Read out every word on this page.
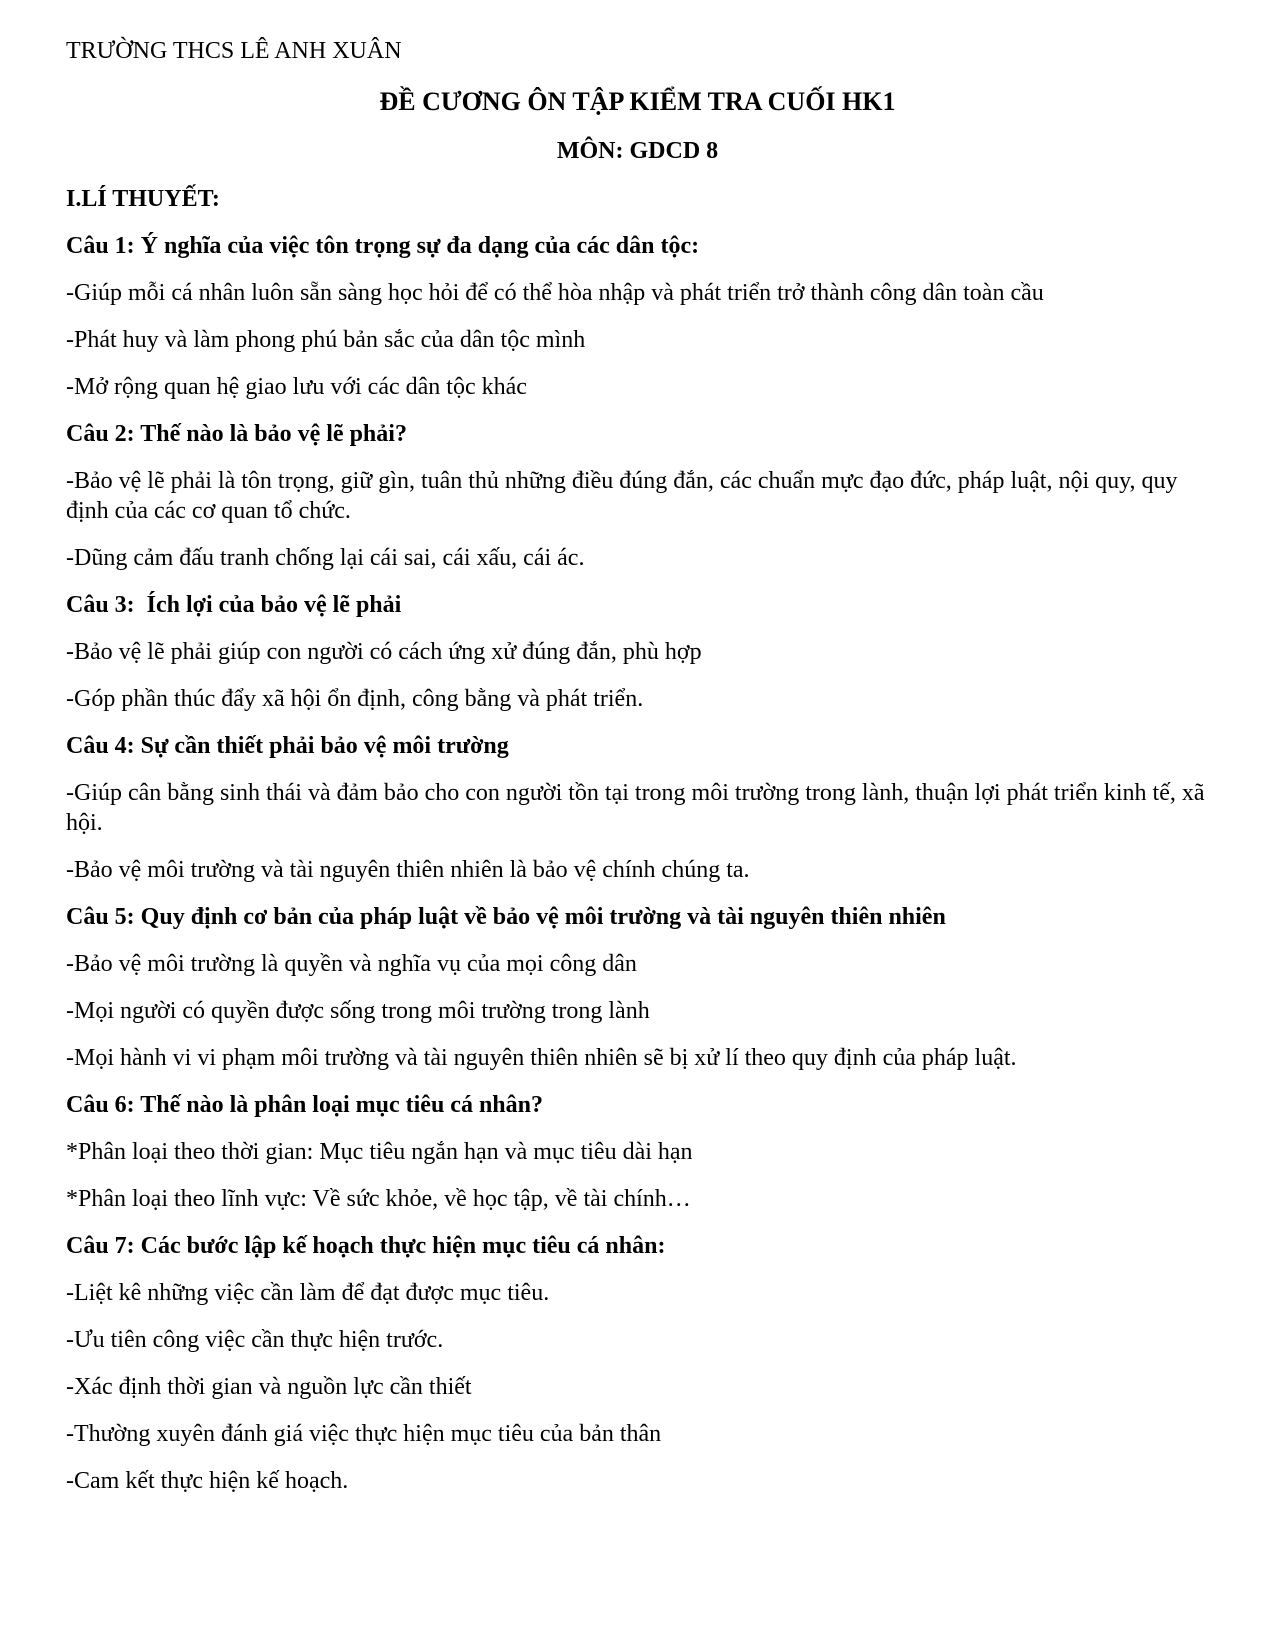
TRƯỜNG THCS LÊ ANH XUÂN
ĐỀ CƯƠNG ÔN TẬP KIỂM TRA CUỐI HK1
MÔN: GDCD 8
I.LÍ THUYẾT:
Câu 1: Ý nghĩa của việc tôn trọng sự đa dạng của các dân tộc:
-Giúp mỗi cá nhân luôn sẵn sàng học hỏi để có thể hòa nhập và phát triển trở thành công dân toàn cầu
-Phát huy và làm phong phú bản sắc của dân tộc mình
-Mở rộng quan hệ giao lưu với các dân tộc khác
Câu 2: Thế nào là bảo vệ lẽ phải?
-Bảo vệ lẽ phải là tôn trọng, giữ gìn, tuân thủ những điều đúng đắn, các chuẩn mực đạo đức, pháp luật, nội quy, quy định của các cơ quan tổ chức.
-Dũng cảm đấu tranh chống lại cái sai, cái xấu, cái ác.
Câu 3:  Ích lợi của bảo vệ lẽ phải
-Bảo vệ lẽ phải giúp con người có cách ứng xử đúng đắn, phù hợp
-Góp phần thúc đẩy xã hội ổn định, công bằng và phát triển.
Câu 4: Sự cần thiết phải bảo vệ môi trường
-Giúp cân bằng sinh thái và đảm bảo cho con người tồn tại trong môi trường trong lành, thuận lợi phát triển kinh tế, xã hội.
-Bảo vệ môi trường và tài nguyên thiên nhiên là bảo vệ chính chúng ta.
Câu 5: Quy định cơ bản của pháp luật về bảo vệ môi trường và tài nguyên thiên nhiên
-Bảo vệ môi trường là quyền và nghĩa vụ của mọi công dân
-Mọi người có quyền được sống trong môi trường trong lành
-Mọi hành vi vi phạm môi trường và tài nguyên thiên nhiên sẽ bị xử lí theo quy định của pháp luật.
Câu 6: Thế nào là phân loại mục tiêu cá nhân?
*Phân loại theo thời gian: Mục tiêu ngắn hạn và mục tiêu dài hạn
*Phân loại theo lĩnh vực: Về sức khỏe, về học tập, về tài chính…
Câu 7: Các bước lập kế hoạch thực hiện mục tiêu cá nhân:
-Liệt kê những việc cần làm để đạt được mục tiêu.
-Ưu tiên công việc cần thực hiện trước.
-Xác định thời gian và nguồn lực cần thiết
-Thường xuyên đánh giá việc thực hiện mục tiêu của bản thân
-Cam kết thực hiện kế hoạch.
